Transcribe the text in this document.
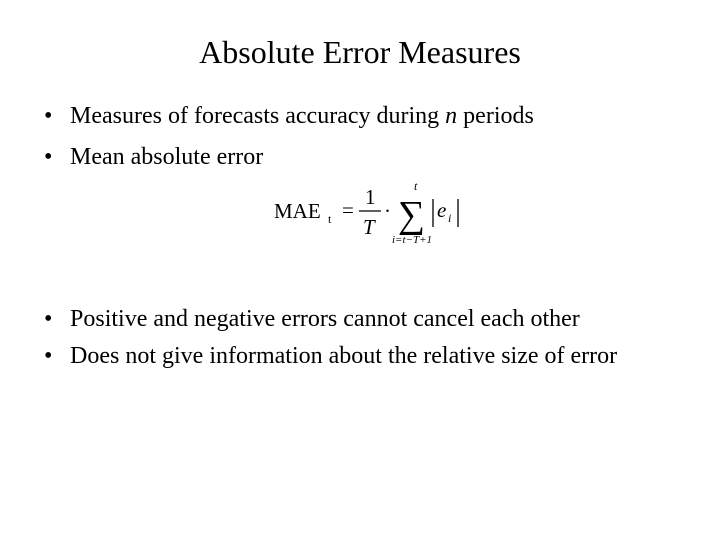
Absolute Error Measures
• Measures of forecasts accuracy during n periods
• Mean absolute error
MAE t =
1
T
·
t
∑
i=t−T+1
e i
• Positive and negative errors cannot cancel each other
• Does not give information about the relative size of error
